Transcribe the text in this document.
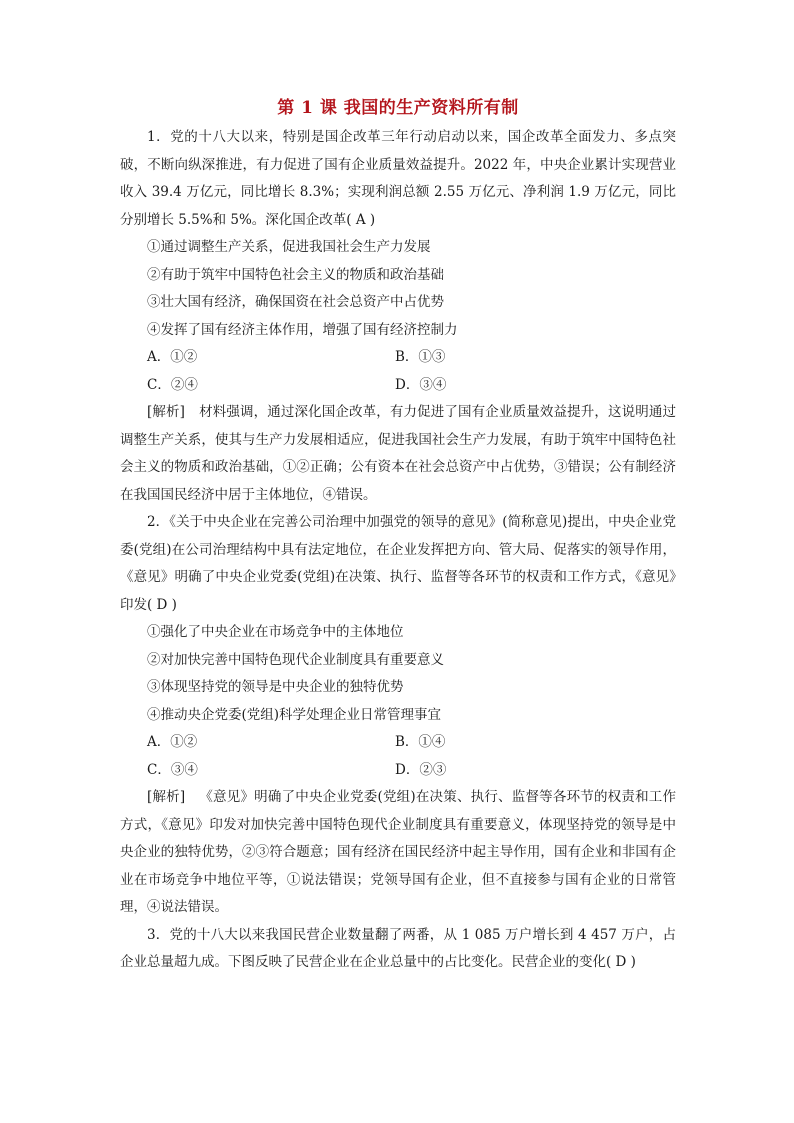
第 1 课 我国的生产资料所有制

1．党的十八大以来，特别是国企改革三年行动启动以来，国企改革全面发力、多点突破，不断向纵深推进，有力促进了国有企业质量效益提升。2022 年，中央企业累计实现营业收入 39.4 万亿元，同比增长 8.3%；实现利润总额 2.55 万亿元、净利润 1.9 万亿元，同比分别增长 5.5%和 5%。深化国企改革( A )

①通过调整生产关系，促进我国社会生产力发展

②有助于筑牢中国特色社会主义的物质和政治基础

③壮大国有经济，确保国资在社会总资产中占优势

④发挥了国有经济主体作用，增强了国有经济控制力

A．①②	B．①③
C．②④	D．③④

[解析] 材料强调，通过深化国企改革，有力促进了国有企业质量效益提升，这说明通过调整生产关系，使其与生产力发展相适应，促进我国社会生产力发展，有助于筑牢中国特色社会主义的物质和政治基础，①②正确；公有资本在社会总资产中占优势，③错误；公有制经济在我国国民经济中居于主体地位，④错误。

2．《关于中央企业在完善公司治理中加强党的领导的意见》(简称意见)提出，中央企业党委(党组)在公司治理结构中具有法定地位，在企业发挥把方向、管大局、促落实的领导作用，《意见》明确了中央企业党委(党组)在决策、执行、监督等各环节的权责和工作方式，《意见》印发( D )

①强化了中央企业在市场竞争中的主体地位

②对加快完善中国特色现代企业制度具有重要意义

③体现坚持党的领导是中央企业的独特优势

④推动央企党委(党组)科学处理企业日常管理事宜

A．①②	B．①④
C．③④	D．②③

[解析] 《意见》明确了中央企业党委(党组)在决策、执行、监督等各环节的权责和工作方式，《意见》印发对加快完善中国特色现代企业制度具有重要意义，体现坚持党的领导是中央企业的独特优势，②③符合题意；国有经济在国民经济中起主导作用，国有企业和非国有企业在市场竞争中地位平等，①说法错误；党领导国有企业，但不直接参与国有企业的日常管理，④说法错误。

3．党的十八大以来我国民营企业数量翻了两番，从 1 085 万户增长到 4 457 万户，占企业总量超九成。下图反映了民营企业在企业总量中的占比变化。民营企业的变化( D )
